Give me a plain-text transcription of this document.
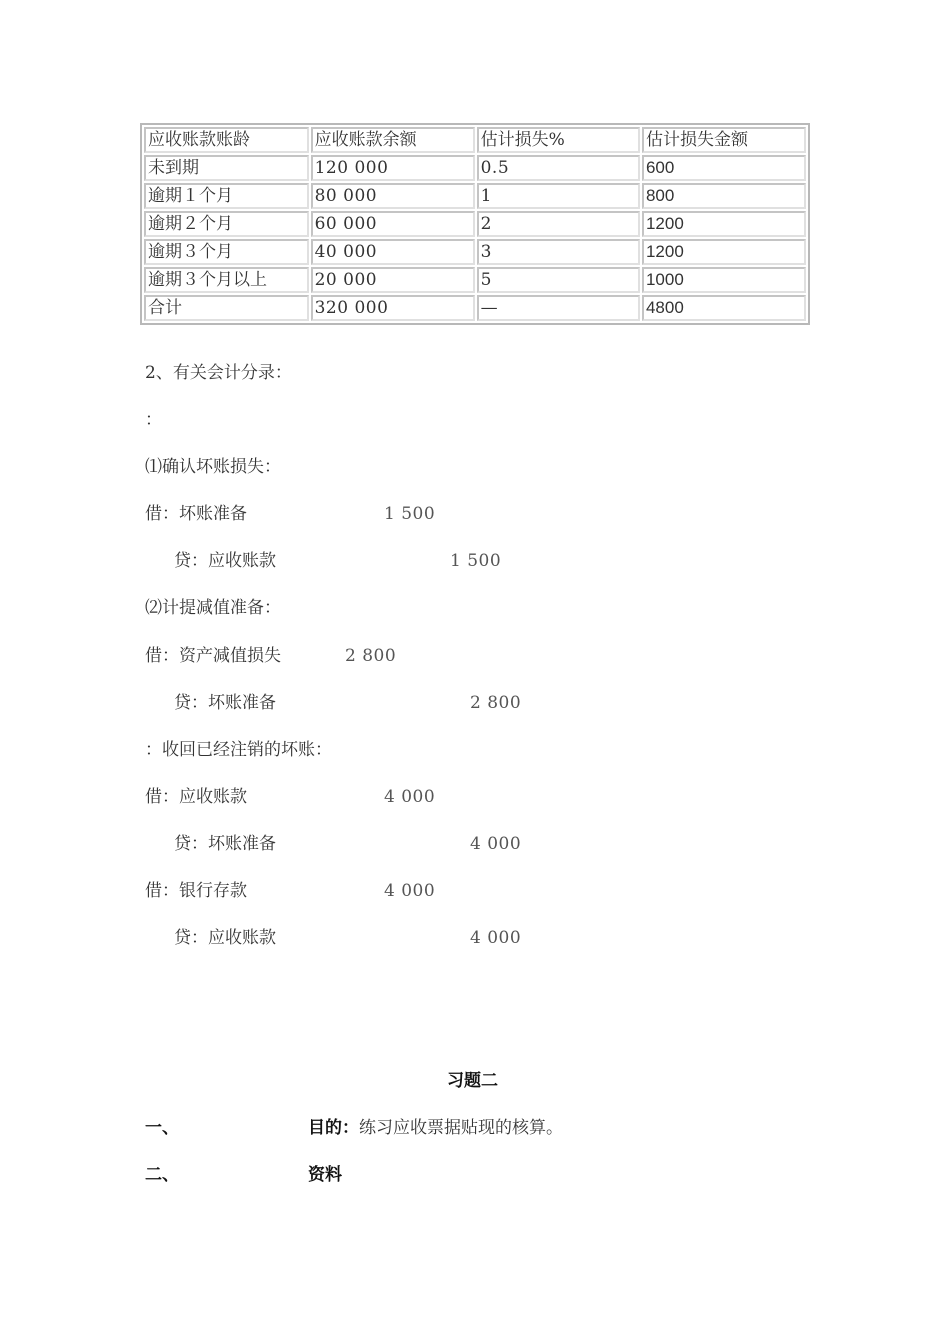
应收账款账龄	应收账款余额	估计损失%	估计损失金额
未到期	120 000	0.5	600
逾期１个月	80 000	1	800
逾期２个月	60 000	2	1200
逾期３个月	40 000	3	1200
逾期３个月以上	20 000	5	1000
合计	320 000	—	4800
2、有关会计分录：
：
⑴确认坏账损失：
借：坏账准备	1 500
贷：应收账款	1 500
⑵计提减值准备：
借：资产减值损失	2 800
贷：坏账准备	2 800
：收回已经注销的坏账：
借：应收账款	4 000
贷：坏账准备	4 000
借：银行存款	4 000
贷：应收账款	4 000
习题二
一、	目的：练习应收票据贴现的核算。
二、	资料
